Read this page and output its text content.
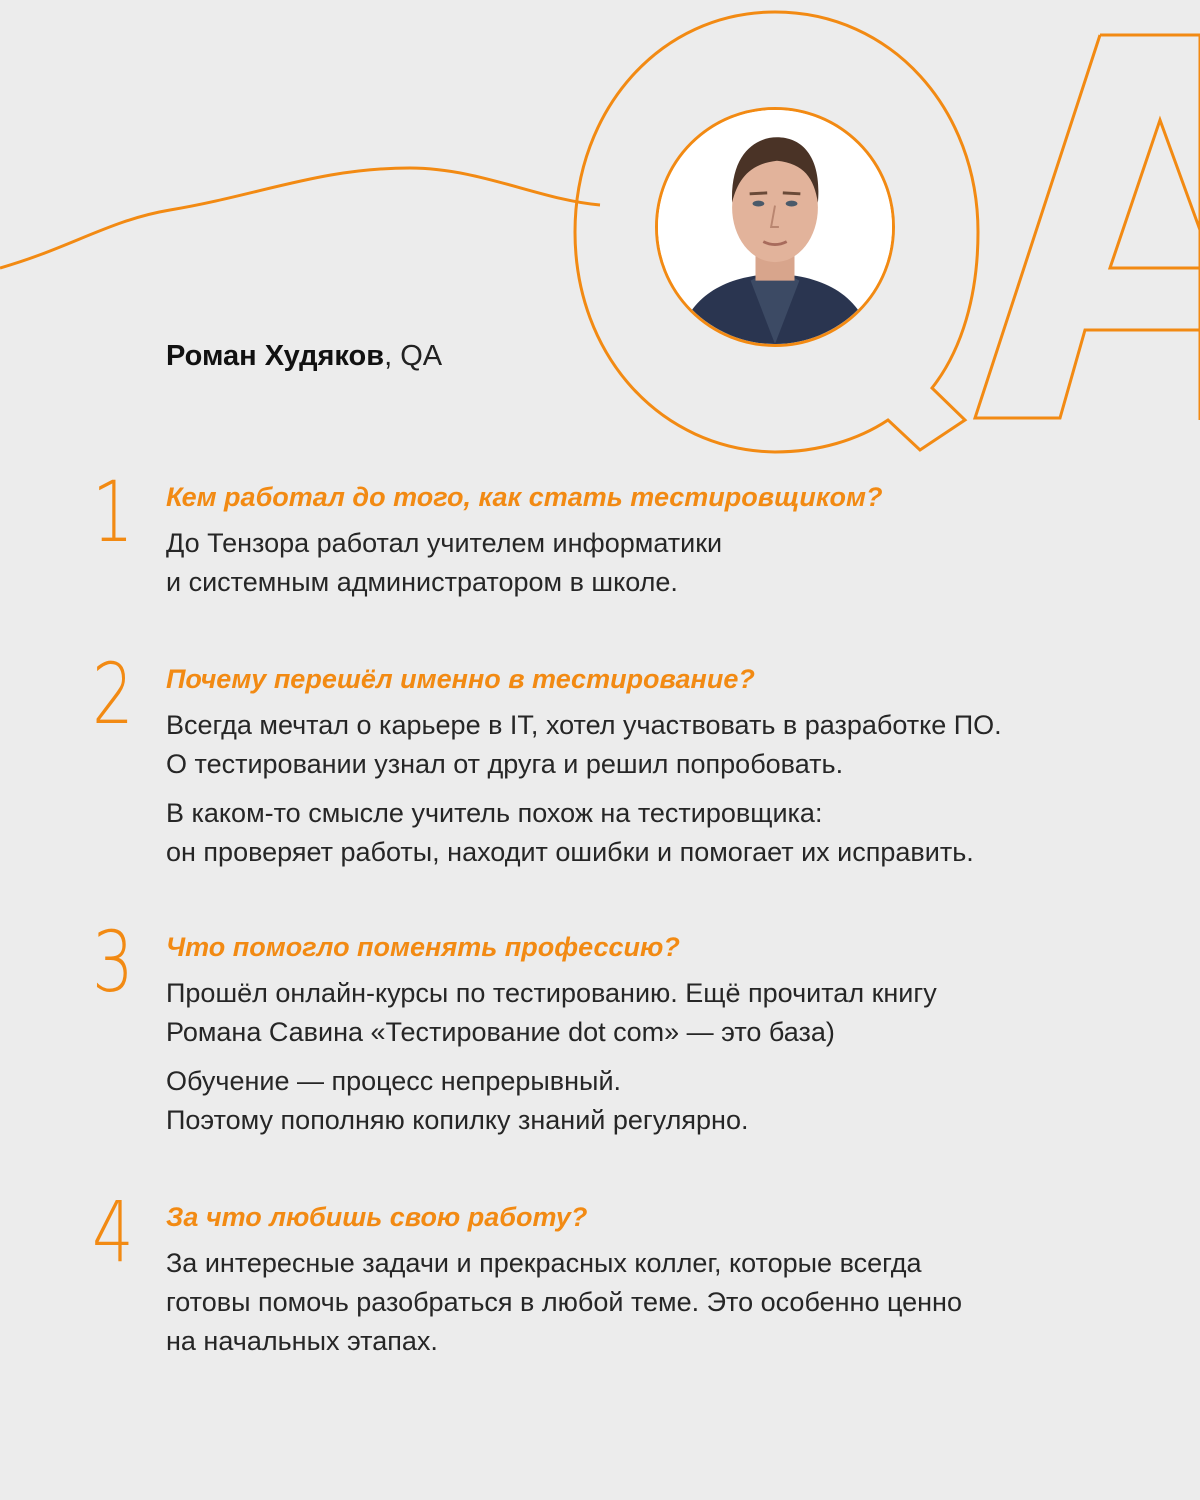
Роман Худяков, QA
1 Кем работал до того, как стать тестировщиком?

До Тензора работал учителем информатики
и системным администратором в школе.

2 Почему перешёл именно в тестирование?

Всегда мечтал о карьере в IT, хотел участвовать в разработке ПО.
О тестировании узнал от друга и решил попробовать.

В каком-то смысле учитель похож на тестировщика:
он проверяет работы, находит ошибки и помогает их исправить.

3 Что помогло поменять профессию?

Прошёл онлайн-курсы по тестированию. Ещё прочитал книгу
Романа Савина «Тестирование dot com» — это база)

Обучение — процесс непрерывный.
Поэтому пополняю копилку знаний регулярно.

4 За что любишь свою работу?

За интересные задачи и прекрасных коллег, которые всегда
готовы помочь разобраться в любой теме. Это особенно ценно
на начальных этапах.
